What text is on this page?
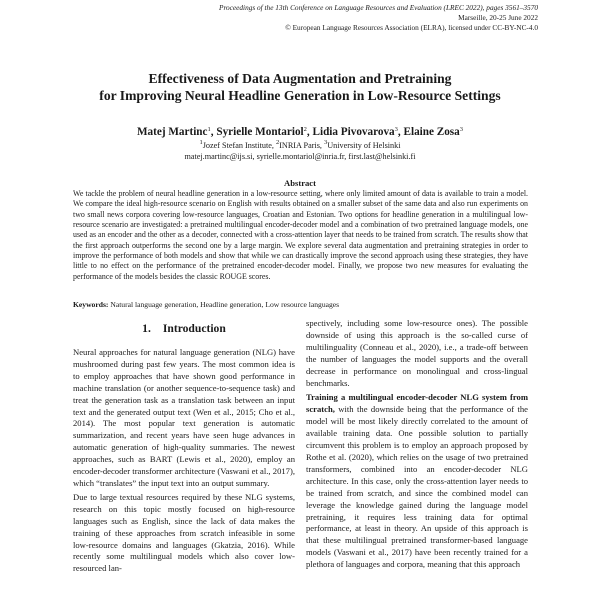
Proceedings of the 13th Conference on Language Resources and Evaluation (LREC 2022), pages 3561–3570
Marseille, 20-25 June 2022
© European Language Resources Association (ELRA), licensed under CC-BY-NC-4.0
Effectiveness of Data Augmentation and Pretraining
for Improving Neural Headline Generation in Low-Resource Settings
Matej Martinc$^1$, Syrielle Montariol$^2$, Lidia Pivovarova$^3$, Elaine Zosa$^3$
$^1$Jozef Stefan Institute, $^2$INRIA Paris, $^3$University of Helsinki
matej.martinc@ijs.si, syrielle.montariol@inria.fr, first.last@helsinki.fi
Abstract
We tackle the problem of neural headline generation in a low-resource setting, where only limited amount of data is available to train a model. We compare the ideal high-resource scenario on English with results obtained on a smaller subset of the same data and also run experiments on two small news corpora covering low-resource languages, Croatian and Estonian. Two options for headline generation in a multilingual low-resource scenario are investigated: a pretrained multilingual encoder-decoder model and a combination of two pretrained language models, one used as an encoder and the other as a decoder, connected with a cross-attention layer that needs to be trained from scratch. The results show that the first approach outperforms the second one by a large margin. We explore several data augmentation and pretraining strategies in order to improve the performance of both models and show that while we can drastically improve the second approach using these strategies, they have little to no effect on the performance of the pretrained encoder-decoder model. Finally, we propose two new measures for evaluating the performance of the models besides the classic ROUGE scores.
Keywords: Natural language generation, Headline generation, Low resource languages
1. Introduction

Neural approaches for natural language generation (NLG) have mushroomed during past few years. The most common idea is to employ approaches that have shown good performance in machine translation (or another sequence-to-sequence task) and treat the generation task as a translation task between an input text and the generated output text (Wen et al., 2015; Cho et al., 2014). The most popular text generation is automatic summarization, and recent years have seen huge advances in automatic generation of high-quality summaries. The newest approaches, such as BART (Lewis et al., 2020), employ an encoder-decoder transformer architecture (Vaswani et al., 2017), which “translates” the input text into an output summary.

Due to large textual resources required by these NLG systems, research on this topic mostly focused on high-resource languages such as English, since the lack of data makes the training of these approaches from scratch infeasible in some low-resource domains and languages (Gkatzia, 2016). While recently some multilingual models which also cover low-resourced lan-

spectively, including some low-resource ones). The possible downside of using this approach is the so-called curse of multilinguality (Conneau et al., 2020), i.e., a trade-off between the number of languages the model supports and the overall decrease in performance on monolingual and cross-lingual benchmarks.

Training a multilingual encoder-decoder NLG system from scratch, with the downside being that the performance of the model will be most likely directly correlated to the amount of available training data. One possible solution to partially circumvent this problem is to employ an approach proposed by Rothe et al. (2020), which relies on the usage of two pretrained transformers, combined into an encoder-decoder NLG architecture. In this case, only the cross-attention layer needs to be trained from scratch, and since the combined model can leverage the knowledge gained during the language model pretraining, it requires less training data for optimal performance, at least in theory. An upside of this approach is that these multilingual pretrained transformer-based language models (Vaswani et al., 2017) have been recently trained for a plethora of languages and corpora, meaning that this approach
